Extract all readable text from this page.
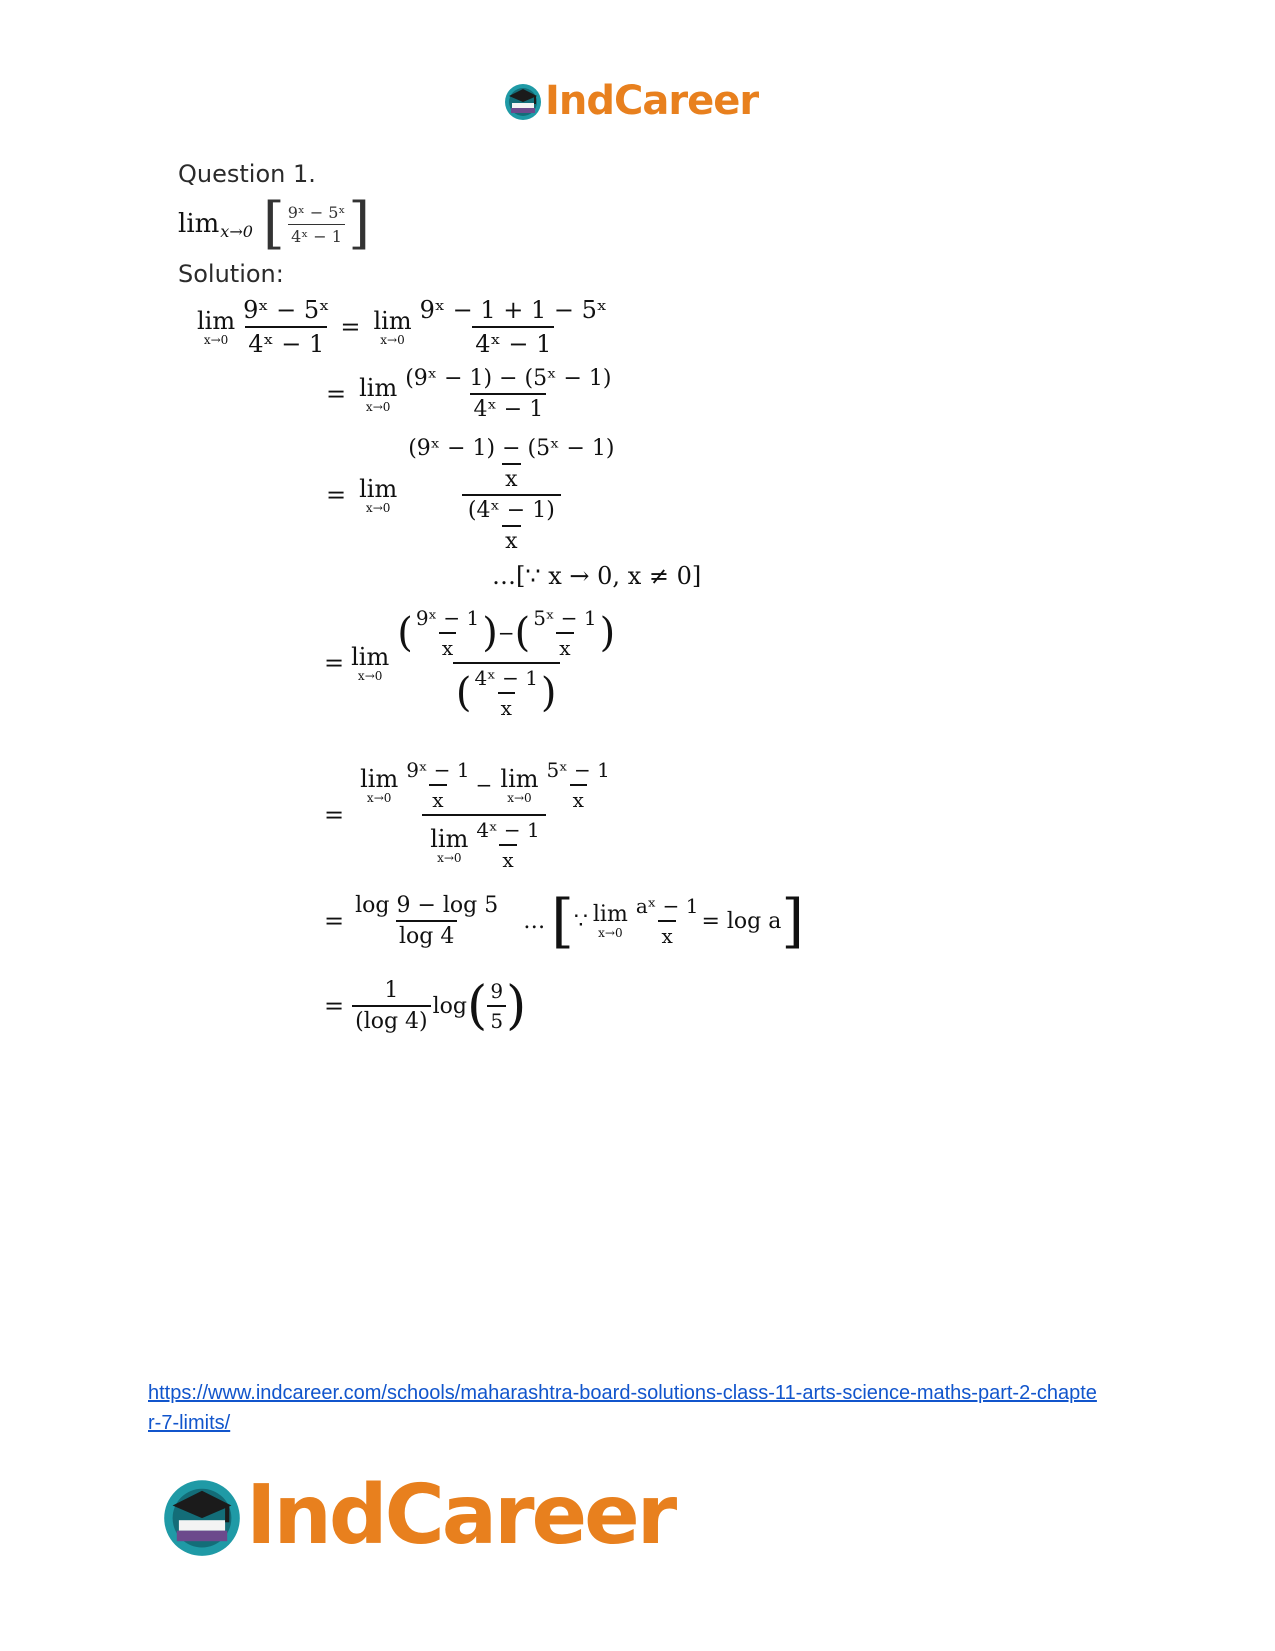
IndCareer
Question 1.
lim x→0 [ $\frac{\text{9ˣ − 5ˣ}}{\text{4ˣ − 1}}$ ]
Solution:
lim
$x\to 0 \frac{\text{9ˣ − 5ˣ}}{\text{4ˣ − 1}} = \lim$
$x\to 0 \frac{\text{9ˣ − 1 + 1 − 5ˣ}}{\text{4ˣ − 1}}$
= lim
$x\to 0 \frac{\text{(9ˣ − 1) − (5ˣ − 1)}}{\text{4ˣ − 1}}$
= lim
$x\to 0 \frac{\frac{\text{(9ˣ − 1) − (5ˣ − 1)}}{x}}{\frac{\text{(4ˣ − 1)}}{x}}$
…[∵ x → 0, x ≠ 0]
= lim
x→0
( $\frac{\text{9ˣ − 1}}{x}$ ) − ( $\frac{\text{5ˣ − 1}}{x}$ )
( $\frac{\text{4ˣ − 1}}{x}$ )
= lim
$x\to 0 \frac{\text{9ˣ − 1}}{x} - \lim$
$x\to 0 \frac{\text{5ˣ − 1}}{x}$
lim
$x\to 0 \frac{\text{4ˣ − 1}}{x}$
= $\frac{\log 9 - \log 5}{\log 4}$ … [ ∵ lim
$x\to 0 \frac{\text{aˣ − 1}}{x} = \log a$ ]
= $\frac{1}{(\log 4)}$ log ( $\frac{9}{5}$ )
https://www.indcareer.com/schools/maharashtra-board-solutions-class-11-arts-science-maths-part-2-chapter-7-limits/
IndCareer
